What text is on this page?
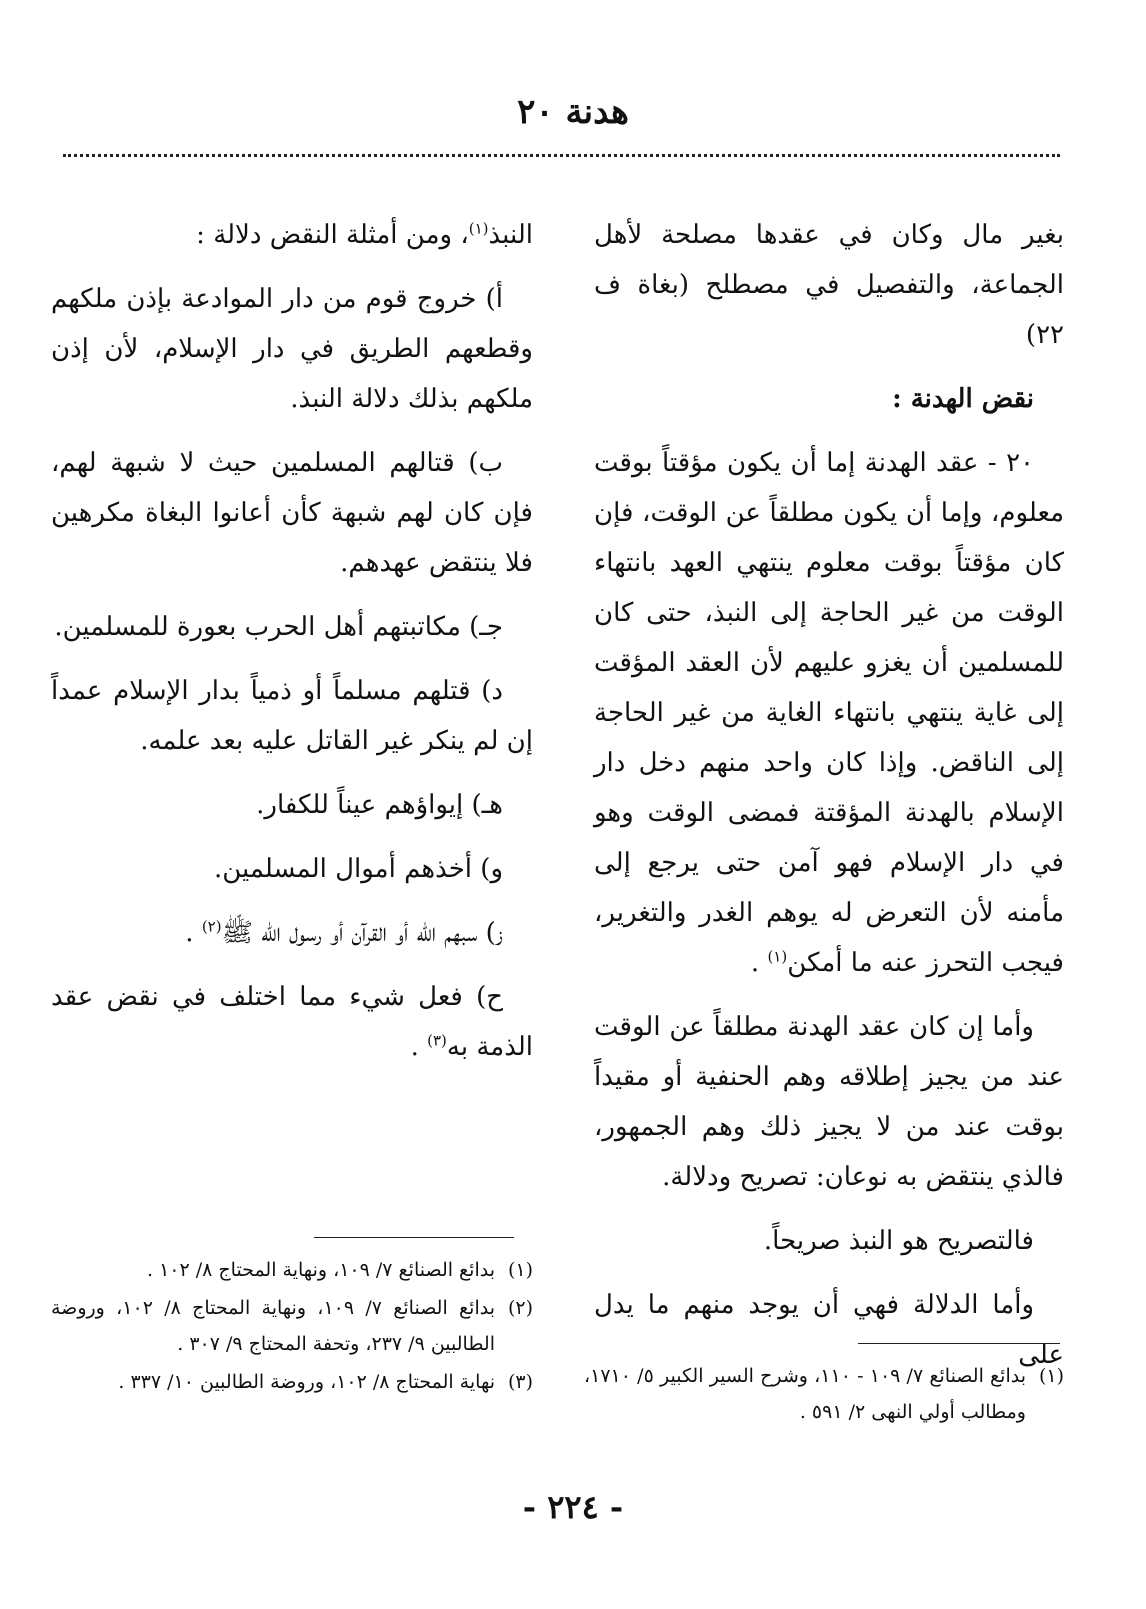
هدنة ٢٠

بغير مال وكان في عقدها مصلحة لأهل الجماعة، والتفصيل في مصطلح (بغاة ف ٢٢)

نقض الهدنة :

٢٠ - عقد الهدنة إما أن يكون مؤقتاً بوقت معلوم، وإما أن يكون مطلقاً عن الوقت، فإن كان مؤقتاً بوقت معلوم ينتهي العهد بانتهاء الوقت من غير الحاجة إلى النبذ، حتى كان للمسلمين أن يغزو عليهم لأن العقد المؤقت إلى غاية ينتهي بانتهاء الغاية من غير الحاجة إلى الناقض. وإذا كان واحد منهم دخل دار الإسلام بالهدنة المؤقتة فمضى الوقت وهو في دار الإسلام فهو آمن حتى يرجع إلى مأمنه لأن التعرض له يوهم الغدر والتغرير، فيجب التحرز عنه ما أمكن$^{(١)}$ .

وأما إن كان عقد الهدنة مطلقاً عن الوقت عند من يجيز إطلاقه وهم الحنفية أو مقيداً بوقت عند من لا يجيز ذلك وهم الجمهور، فالذي ينتقض به نوعان: تصريح ودلالة.

فالتصريح هو النبذ صريحاً.

وأما الدلالة فهي أن يوجد منهم ما يدل على

النبذ$^{(١)}$، ومن أمثلة النقض دلالة :

أ) خروج قوم من دار الموادعة بإذن ملكهم وقطعهم الطريق في دار الإسلام، لأن إذن ملكهم بذلك دلالة النبذ.

ب) قتالهم المسلمين حيث لا شبهة لهم، فإن كان لهم شبهة كأن أعانوا البغاة مكرهين فلا ينتقض عهدهم.

جـ) مكاتبتهم أهل الحرب بعورة للمسلمين.

د) قتلهم مسلماً أو ذمياً بدار الإسلام عمداً إن لم ينكر غير القاتل عليه بعد علمه.

هـ) إيواؤهم عيناً للكفار.

و) أخذهم أموال المسلمين.

ز) سبهم اللّه أو القرآن أو رسول اللّه ﷺ$^{(٢)}$ .

ح) فعل شيء مما اختلف في نقض عقد الذمة به$^{(٣)}$ .

(١)
بدائع الصنائع ٧/ ١٠٩ - ١١٠، وشرح السير الكبير ٥/ ١٧١٠، ومطالب أولي النهى ٢/ ٥٩١ .
(١)
بدائع الصنائع ٧/ ١٠٩، ونهاية المحتاج ٨/ ١٠٢ .
(٢)
بدائع الصنائع ٧/ ١٠٩، ونهاية المحتاج ٨/ ١٠٢، وروضة الطالبين ٩/ ٢٣٧، وتحفة المحتاج ٩/ ٣٠٧ .
(٣)
نهاية المحتاج ٨/ ١٠٢، وروضة الطالبين ١٠/ ٣٣٧ .
- ٢٢٤ -
